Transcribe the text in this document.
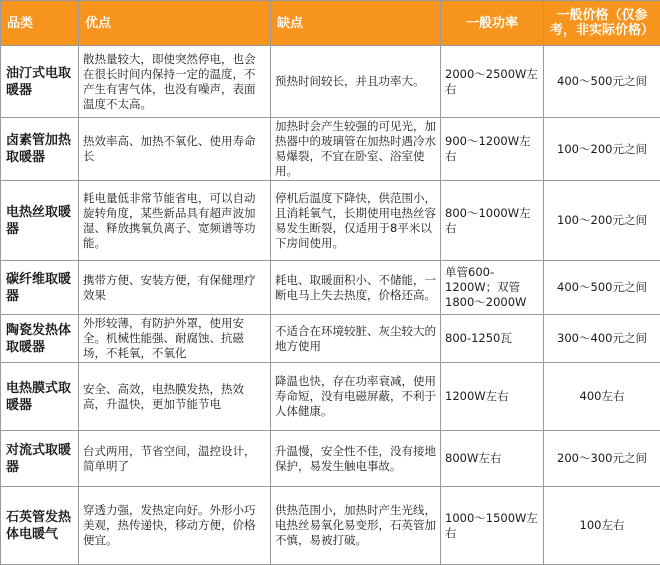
品类	优点	缺点	一般功率	一般价格（仅参考，非实际价格）
油汀式电取暖器	散热量较大，即使突然停电，也会在很长时间内保持一定的温度，不产生有害气体，也没有噪声，表面温度不太高。	预热时间较长，并且功率大。	2000～2500W左右	400～500元之间
卤素管加热取暖器	热效率高、加热不氧化、使用寿命长	加热时会产生较强的可见光，加热器中的玻璃管在加热时遇冷水易爆裂，不宜在卧室、浴室使用。	900～1200W左右	100～200元之间
电热丝取暖器	耗电量低非常节能省电，可以自动旋转角度，某些新品具有超声波加湿、释放携氧负离子、宽频谱等功能。	停机后温度下降快，供范围小，且消耗氧气，长期使用电热丝容易发生断裂，仅适用于8平米以下房间使用。	800～1000W左右	100～200元之间
碳纤维取暖器	携带方便、安装方便，有保健理疗效果	耗电、取暖面积小、不储能，一断电马上失去热度，价格还高。	单管600-1200W；双管1800～2000W	400～500元之间
陶瓷发热体取暖器	外形较薄，有防护外罩，使用安全。机械性能强、耐腐蚀、抗磁场，不耗氧，不氧化	不适合在环境较脏、灰尘较大的地方使用	800-1250瓦	300～400元之间
电热膜式取暖器	安全、高效，电热膜发热，热效高，升温快，更加节能节电	降温也快，存在功率衰减，使用寿命短，没有电磁屏蔽，不利于人体健康。	1200W左右	400左右
对流式取暖器	台式两用，节省空间，温控设计，简单明了	升温慢，安全性不佳，没有接地保护，易发生触电事故。	800W左右	200～300元之间
石英管发热体电暖气	穿透力强，发热定向好。外形小巧美观，热传递快，移动方便，价格便宜。	供热范围小，加热时产生光线，电热丝易氧化易变形，石英管加不慎，易被打破。	1000～1500W左右	100左右
